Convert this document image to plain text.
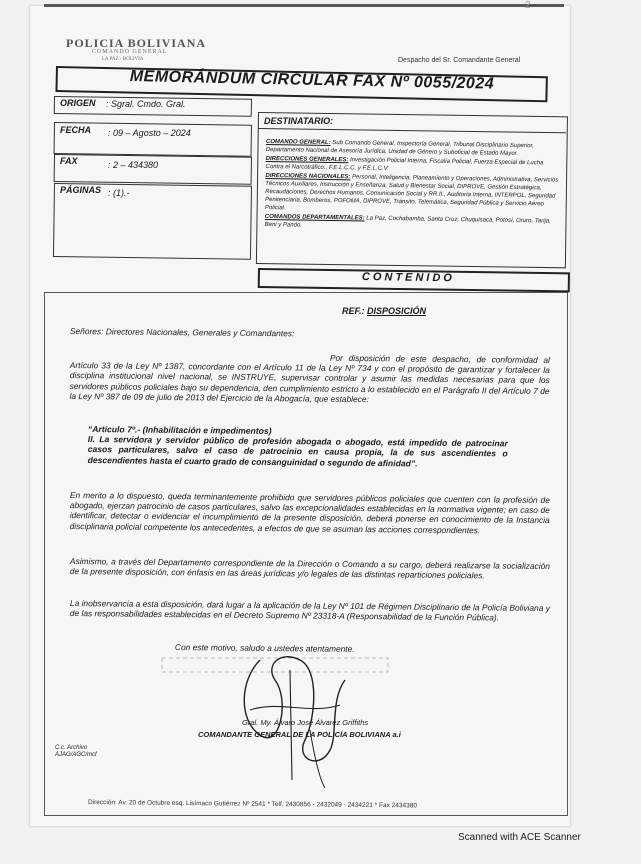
2
POLICIA BOLIVIANA
COMANDO GENERAL
LA PAZ - BOLIVIA	Despacho del Sr. Comandante General
MEMORÁNDUM CIRCULAR FAX Nº 0055/2024
ORIGEN : Sgral. Cmdo. Gral.
FECHA : 09 – Agosto – 2024
FAX	: 2 – 434380
PÁGINAS : (1).-
DESTINATARIO:

COMANDO GENERAL: Sub Comando General, Inspectoría General, Tribunal Disciplinario Superior, Departamento Nacional de Asesoría Jurídica, Unidad de Género y Suboficial de Estado Mayor.

DIRECCIONES GENERALES: Investigación Policial Interna, Fiscalía Policial, Fuerza Especial de Lucha Contra el Narcotráfico., F.E.L.C.C. y F.E.L.C.V.

DIRECCIONES NACIONALES: Personal, Inteligencia, Planeamiento y Operaciones, Administrativa, Servicios Técnicos Auxiliares, Instrucción y Enseñanza, Salud y Bienestar Social, DIPROVE, Gestión Estratégica, Recaudaciones, Derechos Humanos, Comunicación Social y RR.II., Auditoría Interna, INTERPOL, Seguridad Penitenciaria, Bomberos, POFOMA, DIPROVE, Tránsito, Telemática, Seguridad Pública y Servicio Aéreo Policial.

COMANDOS DEPARTAMENTALES: La Paz, Cochabamba, Santa Cruz, Chuquisaca, Potosí, Oruro, Tarija, Beni y Pando.

CONTENIDO
REF.: DISPOSICIÓN
Señores: Directores Nacionales, Generales y Comandantes:
Por disposición de este despacho, de conformidad al Artículo 33 de la Ley Nº 1387, concordante con el Artículo 11 de la Ley Nº 734 y con el propósito de garantizar y fortalecer la disciplina institucional nivel nacional, se INSTRUYE, supervisar controlar y asumir las medidas necesarias para que los servidores públicos policiales bajo su dependencia, den cumplimiento estricto a lo establecido en el Parágrafo II del Artículo 7 de la Ley Nº 387 de 09 de julio de 2013 del Ejercicio de la Abogacía, que establece:
“Artículo 7º.- (Inhabilitación e impedimentos)
II. La servidora y servidor público de profesión abogada o abogado, está impedido de patrocinar casos particulares, salvo el caso de patrocinio en causa propia, la de sus ascendientes o descendientes hasta el cuarto grado de consanguinidad o segundo de afinidad”.
En merito a lo dispuesto, queda terminantemente prohibido que servidores públicos policiales que cuenten con la profesión de abogado, ejerzan patrocinio de casos particulares, salvo las excepcionalidades establecidas en la normativa vigente; en caso de identificar, detectar o evidenciar el incumplimiento de la presente disposición, deberá ponerse en conocimiento de la Instancia disciplinaria policial competente los antecedentes, a efectos de que se asuman las acciones correspondientes.
Asimismo, a través del Departamento correspondiente de la Dirección o Comando a su cargo, deberá realizarse la socialización de la presente disposición, con énfasis en las áreas jurídicas y/o legales de las distintas reparticiones policiales.
La inobservancia a esta disposición, dará lugar a la aplicación de la Ley Nº 101 de Régimen Disciplinario de la Policía Boliviana y de las responsabilidades establecidas en el Decreto Supremo Nº 23318-A (Responsabilidad de la Función Pública).
Con este motivo, saludo a ustedes atentamente.
Gral. My. Álvaro José Álvarez Griffiths
COMANDANTE GENERAL DE LA POLICÍA BOLIVIANA a.i
C.c. Archivo
AJAG/AGC/mcf
Dirección: Av. 20 de Octubre esq. Lisímaco Gutiérrez Nº 2541 * Telf. 2430856 - 2432049 - 2434221 * Fax 2434380
Scanned with ACE Scanner
